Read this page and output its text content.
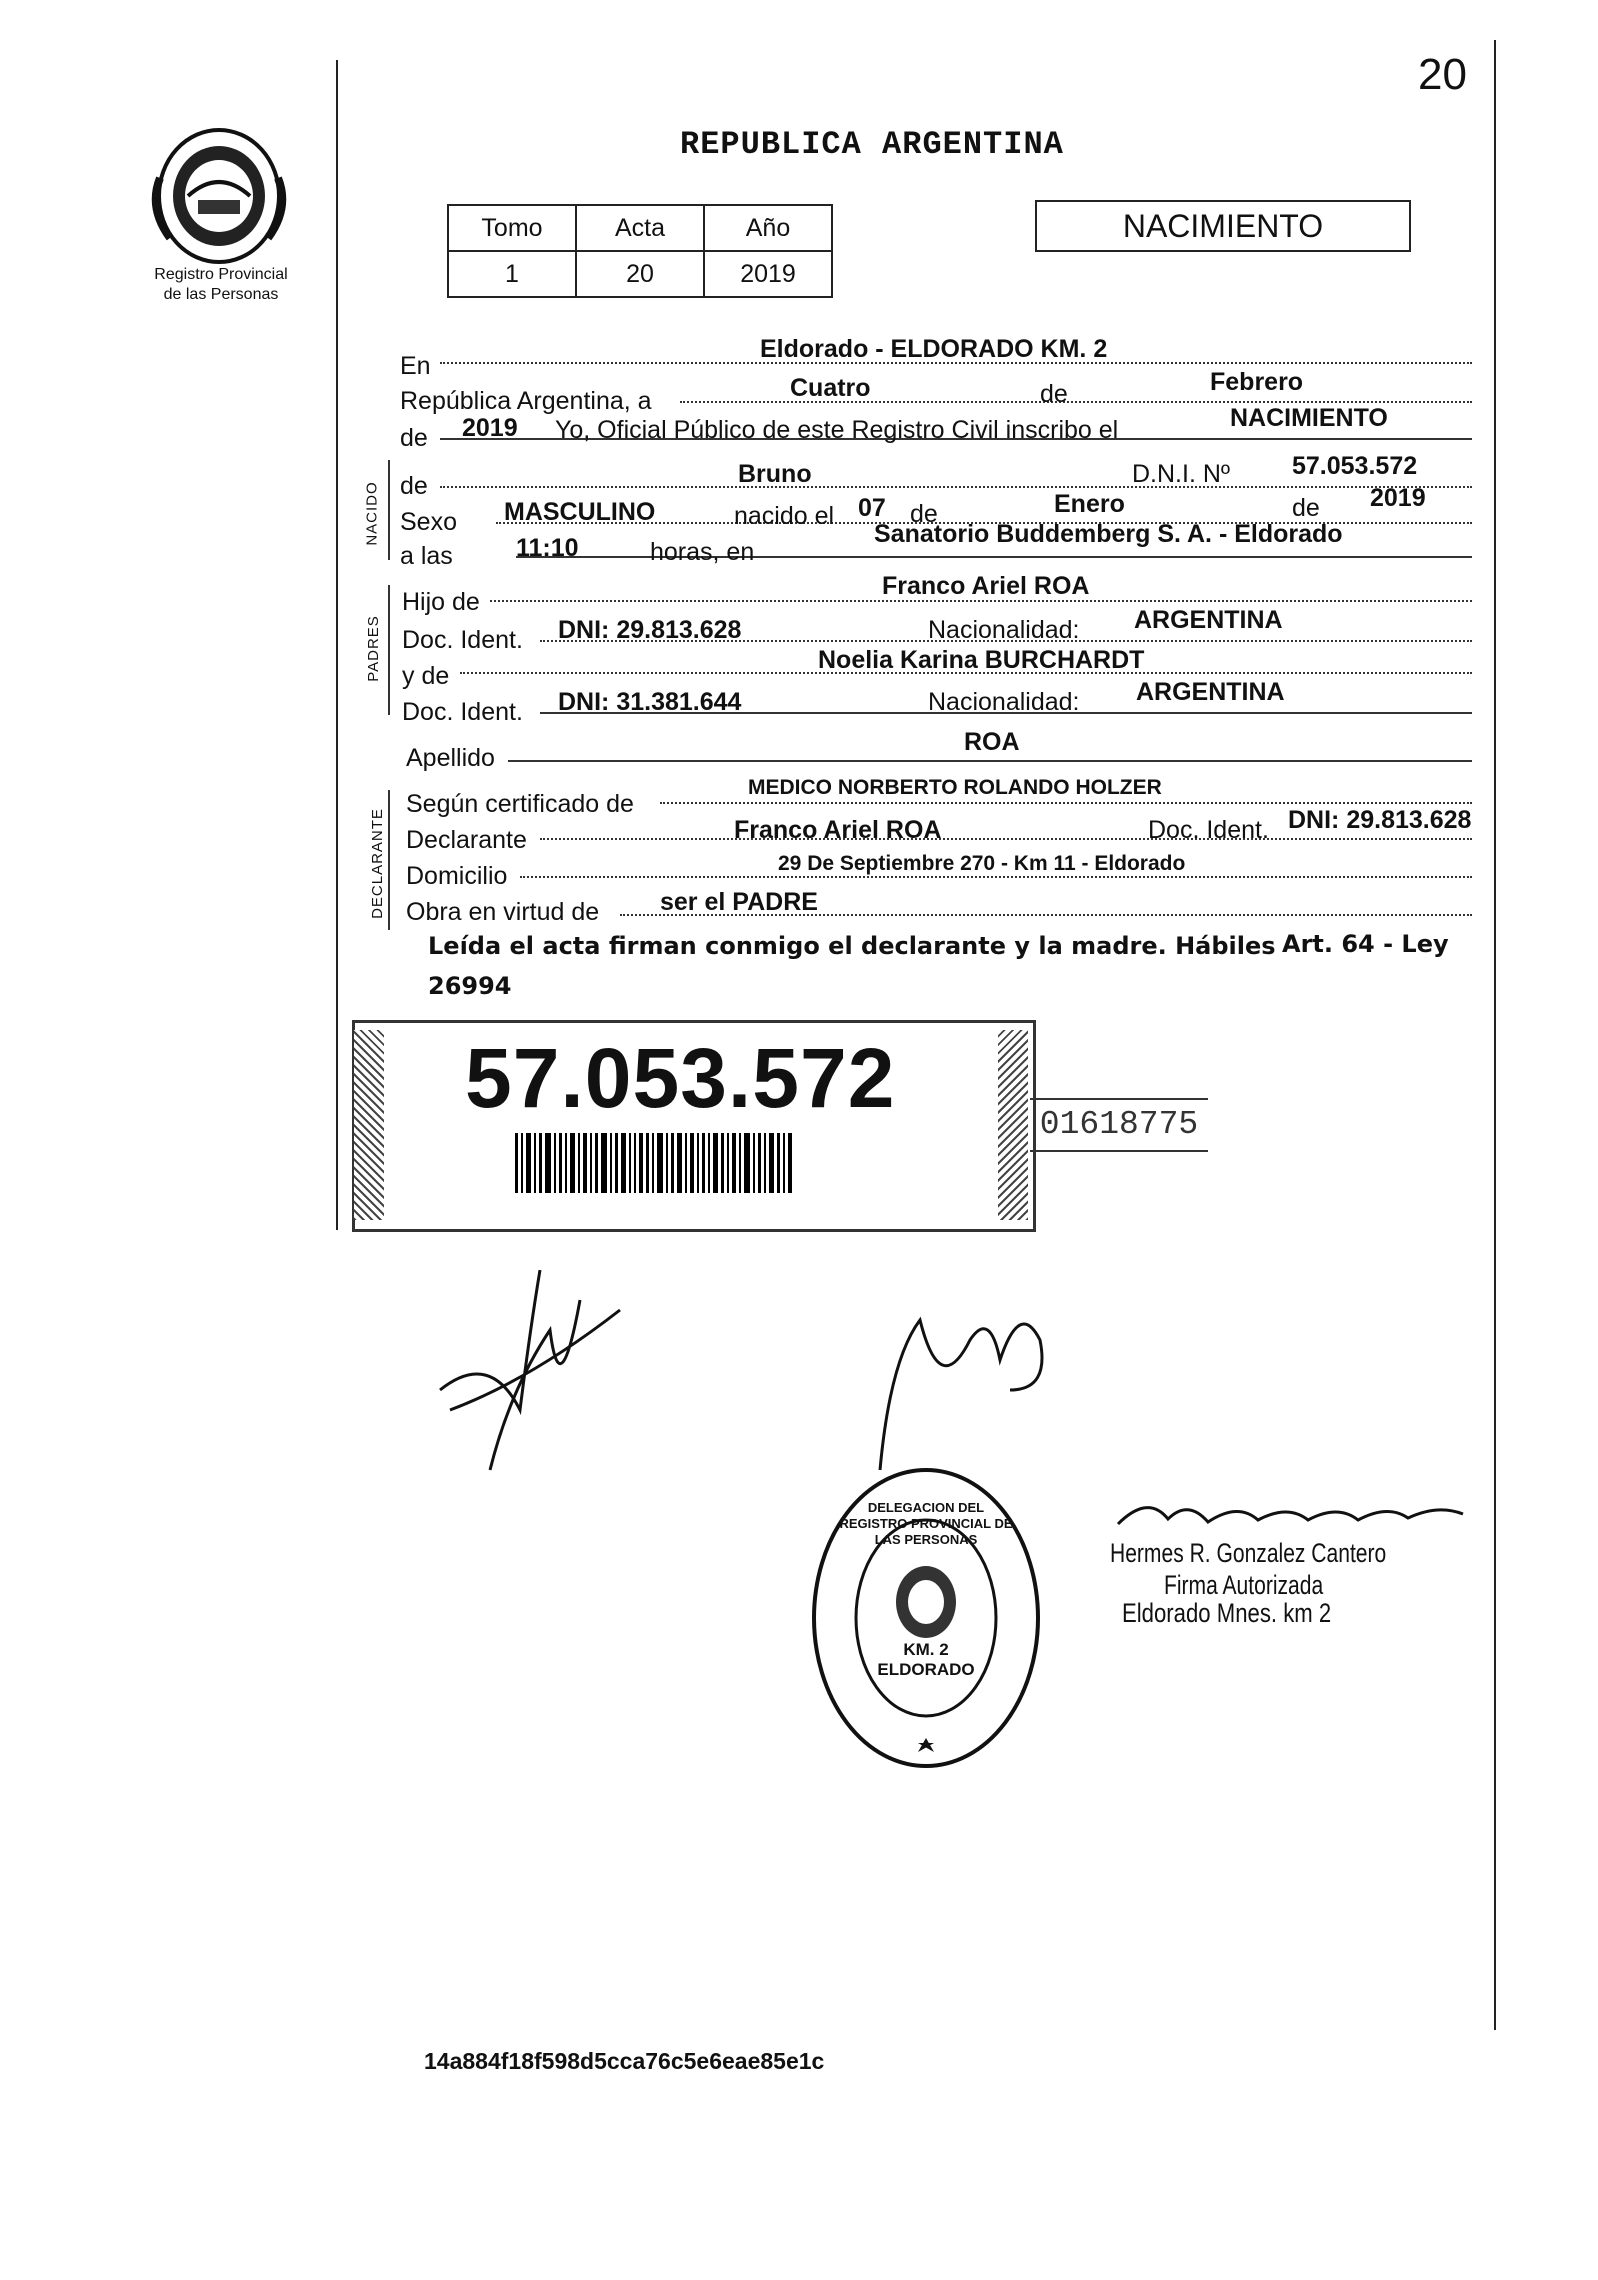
20
Registro Provincial
de las Personas
REPUBLICA ARGENTINA
Tomo	Acta	Año
1	20	2019
NACIMIENTO
NACIDO
PADRES
DECLARANTE
En
Eldorado - ELDORADO KM. 2
República Argentina, a	Cuatro	de	Febrero
de 2019 Yo, Oficial Público de este Registro Civil inscribo el	NACIMIENTO
de	Bruno	D.N.I. Nº 57.053.572
Sexo MASCULINO	nacido el 07 de	Enero	de 2019
a las	11:10	horas, en
Sanatorio Buddemberg S. A. - Eldorado
Hijo de
Franco Ariel ROA
Doc. Ident. DNI: 29.813.628	Nacionalidad: ARGENTINA
y de
Noelia Karina BURCHARDT
Doc. Ident. DNI: 31.381.644	Nacionalidad: ARGENTINA
Apellido
ROA
Según certificado de
MEDICO NORBERTO ROLANDO HOLZER
Declarante	Franco Ariel ROA	Doc. Ident. DNI: 29.813.628
Domicilio	29 De Septiembre 270 - Km 11 - Eldorado
Obra en virtud de ser el PADRE
Leída el acta firman conmigo el declarante y la madre. Hábiles Art. 64 - Ley
26994
57.053.572	01618775
DELEGACION DEL REGISTRO PROVINCIAL DE LAS PERSONAS
KM. 2 ELDORADO
Hermes R. Gonzalez Cantero
Firma Autorizada
Eldorado Mnes. km 2
14a884f18f598d5cca76c5e6eae85e1c
